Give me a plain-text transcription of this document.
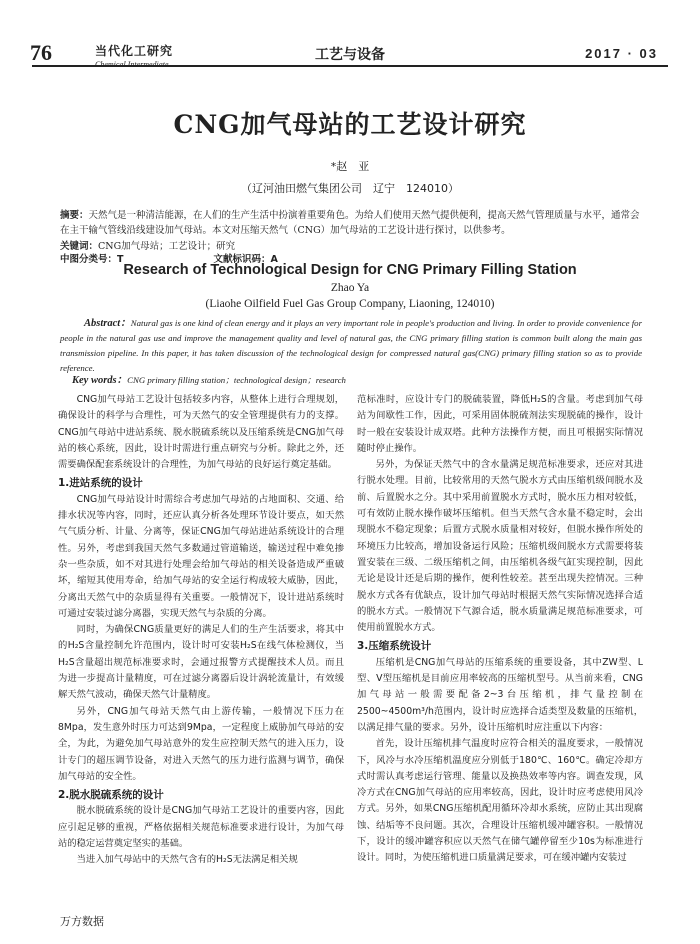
76	当代化工研究	工艺与设备	2017 · 03
CNG加气母站的工艺设计研究
*赵　亚
（辽河油田燃气集团公司　辽宁　124010）
摘要：天然气是一种清洁能源，在人们的生产生活中扮演着重要角色。为给人们使用天然气提供便利，提高天然气管理质量与水平，通常会在主干输气管线沿线建设加气母站。本文对压缩天然气（CNG）加气母站的工艺设计进行探讨，以供参考。
关键词：CNG加气母站；工艺设计；研究
中图分类号：T	文献标识码：A
Research of Technological Design for CNG Primary Filling Station
Zhao Ya
(Liaohe Oilfield Fuel Gas Group Company, Liaoning, 124010)
Abstract：Natural gas is one kind of clean energy and it plays an very important role in people's production and living. In order to provide convenience for people in the natural gas use and improve the management quality and level of natural gas, the CNG primary filling station is common built along the main gas transmission pipeline. In this paper, it has taken discussion of the technological design for compressed natural gas(CNG) primary filling station so as to provide reference.
Key words：CNG primary filling station；technological design；research

CNG加气母站工艺设计包括较多内容，从整体上进行合理规划，确保设计的科学与合理性，可为天然气的安全管理提供有力的支撑。CNG加气母站中进站系统、脱水脱硫系统以及压缩系统是CNG加气母站的核心系统，因此，设计时需进行重点研究与分析。除此之外，还需要确保配套系统设计的合理性，为加气母站的良好运行奠定基础。

1.进站系统的设计

CNG加气母站设计时需综合考虑加气母站的占地面积、交通、给排水状况等内容，同时，还应认真分析各处理环节设计要点，如天然气气质分析、计量、分离等，保证CNG加气母站进站系统设计的合理性。另外，考虑到我国天然气多数通过管道输送，输送过程中难免掺杂一些杂质，如不对其进行处理会给加气母站的相关设备造成严重破坏，缩短其使用寿命，给加气母站的安全运行构成较大威胁，因此，分离出天然气中的杂质显得有关重要。一般情况下，设计进站系统时可通过安装过滤分离器，实现天然气与杂质的分离。

同时，为确保CNG质量更好的满足人们的生产生活要求，将其中的H₂S含量控制允许范围内，设计时可安装H₂S在线气体检测仪，当H₂S含量超出规范标准要求时，会通过报警方式提醒技术人员。而且为进一步提高计量精度，可在过滤分离器后设计涡轮流量计，有效缓解天然气波动，确保天然气计量精度。

另外，CNG加气母站天然气由上游传输，一般情况下压力在8Mpa，发生意外时压力可达到9Mpa，一定程度上威胁加气母站的安全，为此，为避免加气母站意外的发生应控制天然气的进入压力，设计专门的超压调节设备，对进入天然气的压力进行监测与调节，确保加气母站的安全性。

2.脱水脱硫系统的设计

脱水脱硫系统的设计是CNG加气母站工艺设计的重要内容，因此应引起足够的重视，严格依据相关规范标准要求进行设计，为加气母站的稳定运营奠定坚实的基础。

当进入加气母站中的天然气含有的H₂S无法满足相关规

范标准时，应设计专门的脱硫装置，降低H₂S的含量。考虑到加气母站为间歇性工作，因此，可采用固体脱硫剂法实现脱硫的操作，设计时一般在安装设计成双塔。此种方法操作方便，而且可根据实际情况随时停止操作。

另外，为保证天然气中的含水量满足规范标准要求，还应对其进行脱水处理。目前，比较常用的天然气脱水方式由压缩机级间脱水及前、后置脱水之分。其中采用前置脱水方式时，脱水压力相对较低，可有效防止脱水操作破坏压缩机。但当天然气含水量不稳定时，会出现脱水不稳定现象；后置方式脱水质量相对较好，但脱水操作所处的环境压力比较高，增加设备运行风险；压缩机级间脱水方式需要将装置安装在三级、二级压缩机之间，由压缩机各级气缸实现控制，因此无论是设计还是后期的操作，便利性较差。甚至出现失控情况。三种脱水方式各有优缺点，设计加气母站时根据天然气实际情况选择合适的脱水方式。一般情况下气源合适，脱水质量满足规范标准要求，可使用前置脱水方式。

3.压缩系统设计

压缩机是CNG加气母站的压缩系统的重要设备，其中ZW型、L型、V型压缩机是目前应用率较高的压缩机型号。从当前来看，CNG加气母站一般需要配备2~3台压缩机，排气量控制在2500~4500m³/h范围内，设计时应选择合适类型及数量的压缩机，以满足排气量的要求。另外，设计压缩机时应注重以下内容：

首先，设计压缩机排气温度时应符合相关的温度要求，一般情况下，风冷与水冷压缩机温度应分别低于180℃、160℃。确定冷却方式时需认真考虑运行管理、能量以及换热效率等内容。调查发现，风冷方式在CNG加气母站的应用率较高，因此，设计时应考虑使用风冷方式。另外，如果CNG压缩机配用循环冷却水系统，应防止其出现腐蚀、结垢等不良问题。其次，合理设计压缩机缓冲罐容积。一般情况下，设计的缓冲罐容积应以天然气在储气罐停留至少10s为标准进行设计。同时，为使压缩机进口质量满足要求，可在缓冲罐内安装过

万方数据
